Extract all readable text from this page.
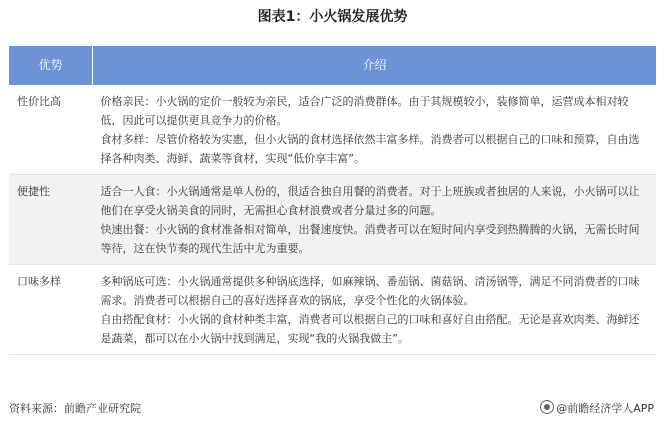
图表1：小火锅发展优势
优势	介绍
性价比高	价格亲民：小火锅的定价一般较为亲民，适合广泛的消费群体。由于其规模较小，装修简单，运营成本相对较低，因此可以提供更具竞争力的价格。

食材多样：尽管价格较为实惠，但小火锅的食材选择依然丰富多样。消费者可以根据自己的口味和预算，自由选择各种肉类、海鲜、蔬菜等食材，实现“低价享丰富”。

便捷性	适合一人食：小火锅通常是单人份的，很适合独自用餐的消费者。对于上班族或者独居的人来说，小火锅可以让他们在享受火锅美食的同时，无需担心食材浪费或者分量过多的问题。

快速出餐：小火锅的食材准备相对简单，出餐速度快。消费者可以在短时间内享受到热腾腾的火锅，无需长时间等待，这在快节奏的现代生活中尤为重要。

口味多样	多种锅底可选：小火锅通常提供多种锅底选择，如麻辣锅、番茄锅、菌菇锅、清汤锅等，满足不同消费者的口味需求。消费者可以根据自己的喜好选择喜欢的锅底，享受个性化的火锅体验。

自由搭配食材：小火锅的食材种类丰富，消费者可以根据自己的口味和喜好自由搭配。无论是喜欢肉类、海鲜还是蔬菜，都可以在小火锅中找到满足，实现“我的火锅我做主”。

资料来源：前瞻产业研究院	@前瞻经济学人APP
